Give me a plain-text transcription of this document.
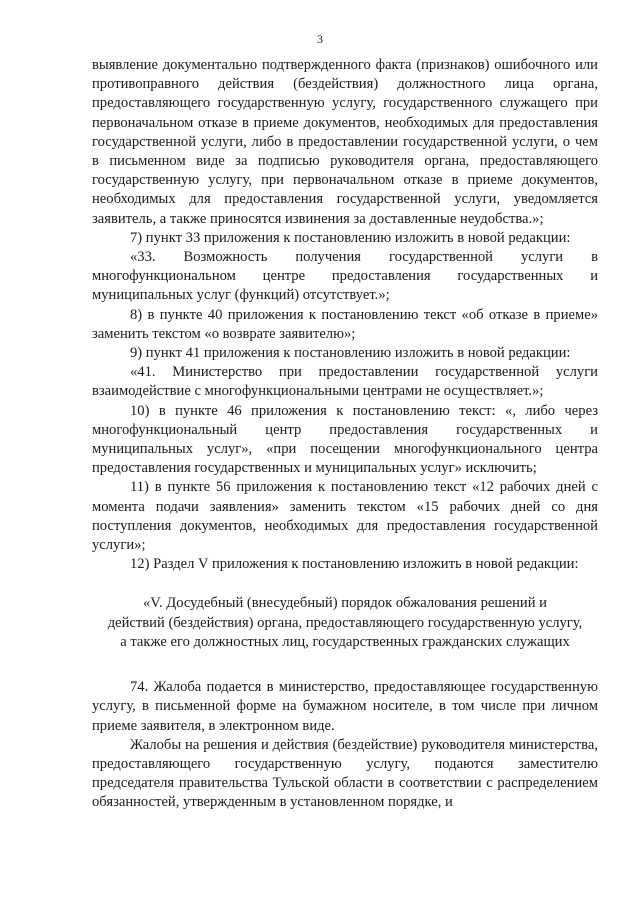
3

выявление документально подтвержденного факта (признаков) ошибочного или противоправного действия (бездействия) должностного лица органа, предоставляющего государственную услугу, государственного служащего при первоначальном отказе в приеме документов, необходимых для предоставления государственной услуги, либо в предоставлении государственной услуги, о чем в письменном виде за подписью руководителя органа, предоставляющего государственную услугу, при первоначальном отказе в приеме документов, необходимых для предоставления государственной услуги, уведомляется заявитель, а также приносятся извинения за доставленные неудобства.»;

7) пункт 33 приложения к постановлению изложить в новой редакции:

«33. Возможность получения государственной услуги в многофункциональном центре предоставления государственных и муниципальных услуг (функций) отсутствует.»;

8) в пункте 40 приложения к постановлению текст «об отказе в приеме» заменить текстом «о возврате заявителю»;

9) пункт 41 приложения к постановлению изложить в новой редакции:

«41. Министерство при предоставлении государственной услуги взаимодействие с многофункциональными центрами не осуществляет.»;

10) в пункте 46 приложения к постановлению текст: «, либо через многофункциональный центр предоставления государственных и муниципальных услуг», «при посещении многофункционального центра предоставления государственных и муниципальных услуг» исключить;

11) в пункте 56 приложения к постановлению текст «12 рабочих дней с момента подачи заявления» заменить текстом «15 рабочих дней со дня поступления документов, необходимых для предоставления государственной услуги»;

12) Раздел V приложения к постановлению изложить в новой редакции:

«V. Досудебный (внесудебный) порядок обжалования решений и
действий (бездействия) органа, предоставляющего государственную услугу,
а также его должностных лиц, государственных гражданских служащих

74. Жалоба подается в министерство, предоставляющее государственную услугу, в письменной форме на бумажном носителе, в том числе при личном приеме заявителя, в электронном виде.

Жалобы на решения и действия (бездействие) руководителя министерства, предоставляющего государственную услугу, подаются заместителю председателя правительства Тульской области в соответствии с распределением обязанностей, утвержденным в установленном порядке, и
